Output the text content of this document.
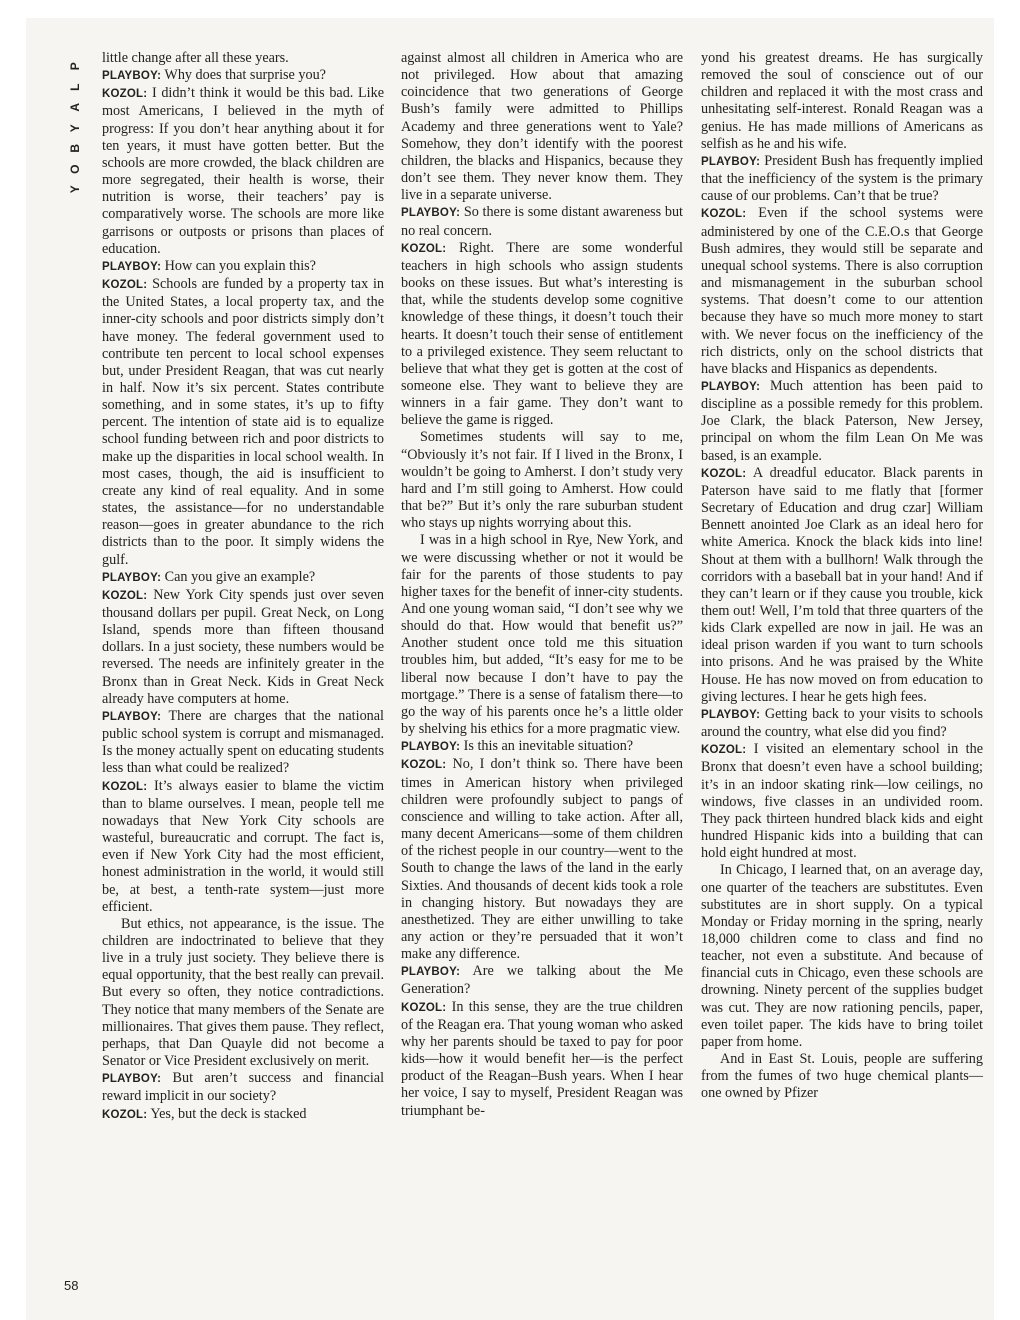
P
L
A
Y
B
O
Y
58

little change after all these years.

PLAYBOY: Why does that surprise you?

KOZOL: I didn’t think it would be this bad. Like most Americans, I believed in the myth of progress: If you don’t hear anything about it for ten years, it must have gotten better. But the schools are more crowded, the black children are more segregated, their health is worse, their nutrition is worse, their teachers’ pay is comparatively worse. The schools are more like garrisons or outposts or prisons than places of education.

PLAYBOY: How can you explain this?

KOZOL: Schools are funded by a property tax in the United States, a local property tax, and the inner-city schools and poor districts simply don’t have money. The federal government used to contribute ten percent to local school expenses but, under President Reagan, that was cut nearly in half. Now it’s six percent. States contribute something, and in some states, it’s up to fifty percent. The intention of state aid is to equalize school funding between rich and poor districts to make up the disparities in local school wealth. In most cases, though, the aid is insufficient to create any kind of real equality. And in some states, the assistance—for no understandable reason—goes in greater abundance to the rich districts than to the poor. It simply widens the gulf.

PLAYBOY: Can you give an example?

KOZOL: New York City spends just over seven thousand dollars per pupil. Great Neck, on Long Island, spends more than fifteen thousand dollars. In a just society, these numbers would be reversed. The needs are infinitely greater in the Bronx than in Great Neck. Kids in Great Neck already have computers at home.

PLAYBOY: There are charges that the national public school system is corrupt and mismanaged. Is the money actually spent on educating students less than what could be realized?

KOZOL: It’s always easier to blame the victim than to blame ourselves. I mean, people tell me nowadays that New York City schools are wasteful, bureaucratic and corrupt. The fact is, even if New York City had the most efficient, honest administration in the world, it would still be, at best, a tenth-rate system—just more efficient.

But ethics, not appearance, is the issue. The children are indoctrinated to believe that they live in a truly just society. They believe there is equal opportunity, that the best really can prevail. But every so often, they notice contradictions. They notice that many members of the Senate are millionaires. That gives them pause. They reflect, perhaps, that Dan Quayle did not become a Senator or Vice President exclusively on merit.

PLAYBOY: But aren’t success and financial reward implicit in our society?

KOZOL: Yes, but the deck is stacked

against almost all children in America who are not privileged. How about that amazing coincidence that two generations of George Bush’s family were admitted to Phillips Academy and three generations went to Yale? Somehow, they don’t identify with the poorest children, the blacks and Hispanics, because they don’t see them. They never know them. They live in a separate universe.

PLAYBOY: So there is some distant awareness but no real concern.

KOZOL: Right. There are some wonderful teachers in high schools who assign students books on these issues. But what’s interesting is that, while the students develop some cognitive knowledge of these things, it doesn’t touch their hearts. It doesn’t touch their sense of entitlement to a privileged existence. They seem reluctant to believe that what they get is gotten at the cost of someone else. They want to believe they are winners in a fair game. They don’t want to believe the game is rigged.

Sometimes students will say to me, “Obviously it’s not fair. If I lived in the Bronx, I wouldn’t be going to Amherst. I don’t study very hard and I’m still going to Amherst. How could that be?” But it’s only the rare suburban student who stays up nights worrying about this.

I was in a high school in Rye, New York, and we were discussing whether or not it would be fair for the parents of those students to pay higher taxes for the benefit of inner-city students. And one young woman said, “I don’t see why we should do that. How would that benefit us?” Another student once told me this situation troubles him, but added, “It’s easy for me to be liberal now because I don’t have to pay the mortgage.” There is a sense of fatalism there—to go the way of his parents once he’s a little older by shelving his ethics for a more pragmatic view.

PLAYBOY: Is this an inevitable situation?

KOZOL: No, I don’t think so. There have been times in American history when privileged children were profoundly subject to pangs of conscience and willing to take action. After all, many decent Americans—some of them children of the richest people in our country—went to the South to change the laws of the land in the early Sixties. And thousands of decent kids took a role in changing history. But nowadays they are anesthetized. They are either unwilling to take any action or they’re persuaded that it won’t make any difference.

PLAYBOY: Are we talking about the Me Generation?

KOZOL: In this sense, they are the true children of the Reagan era. That young woman who asked why her parents should be taxed to pay for poor kids—how it would benefit her—is the perfect product of the Reagan–Bush years. When I hear her voice, I say to myself, President Reagan was triumphant be-

yond his greatest dreams. He has surgically removed the soul of conscience out of our children and replaced it with the most crass and unhesitating self-interest. Ronald Reagan was a genius. He has made millions of Americans as selfish as he and his wife.

PLAYBOY: President Bush has frequently implied that the inefficiency of the system is the primary cause of our problems. Can’t that be true?

KOZOL: Even if the school systems were administered by one of the C.E.O.s that George Bush admires, they would still be separate and unequal school systems. There is also corruption and mismanagement in the suburban school systems. That doesn’t come to our attention because they have so much more money to start with. We never focus on the inefficiency of the rich districts, only on the school districts that have blacks and Hispanics as dependents.

PLAYBOY: Much attention has been paid to discipline as a possible remedy for this problem. Joe Clark, the black Paterson, New Jersey, principal on whom the film Lean On Me was based, is an example.

KOZOL: A dreadful educator. Black parents in Paterson have said to me flatly that [former Secretary of Education and drug czar] William Bennett anointed Joe Clark as an ideal hero for white America. Knock the black kids into line! Shout at them with a bullhorn! Walk through the corridors with a baseball bat in your hand! And if they can’t learn or if they cause you trouble, kick them out! Well, I’m told that three quarters of the kids Clark expelled are now in jail. He was an ideal prison warden if you want to turn schools into prisons. And he was praised by the White House. He has now moved on from education to giving lectures. I hear he gets high fees.

PLAYBOY: Getting back to your visits to schools around the country, what else did you find?

KOZOL: I visited an elementary school in the Bronx that doesn’t even have a school building; it’s in an indoor skating rink—low ceilings, no windows, five classes in an undivided room. They pack thirteen hundred black kids and eight hundred Hispanic kids into a building that can hold eight hundred at most.

In Chicago, I learned that, on an average day, one quarter of the teachers are substitutes. Even substitutes are in short supply. On a typical Monday or Friday morning in the spring, nearly 18,000 children come to class and find no teacher, not even a substitute. And because of financial cuts in Chicago, even these schools are drowning. Ninety percent of the supplies budget was cut. They are now rationing pencils, paper, even toilet paper. The kids have to bring toilet paper from home.

And in East St. Louis, people are suffering from the fumes of two huge chemical plants—one owned by Pfizer
